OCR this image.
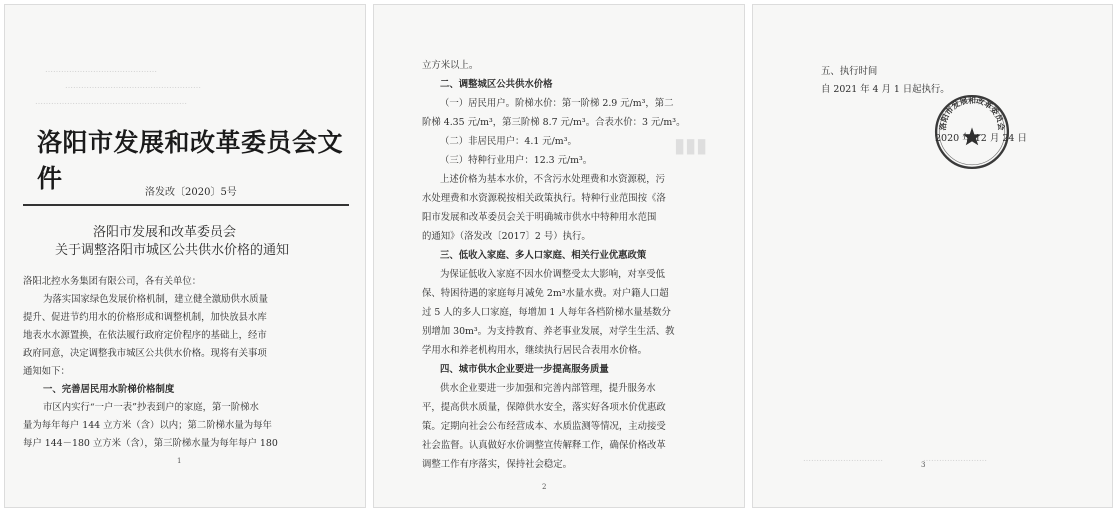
……………………………………
……………………………………………
…………………………………………………
洛阳市发展和改革委员会文件	洛发改〔2020〕5号
洛阳市发展和改革委员会
关于调整洛阳市城区公共供水价格的通知
洛阳北控水务集团有限公司，各有关单位：
为落实国家绿色发展价格机制，建立健全激励供水质量
提升、促进节约用水的价格形成和调整机制，加快放县水库
地表水水源置换，在依法履行政府定价程序的基础上，经市
政府同意，决定调整我市城区公共供水价格。现将有关事项
通知如下：
一、完善居民用水阶梯价格制度
市区内实行“一户一表”抄表到户的家庭，第一阶梯水
量为每年每户 144 立方米（含）以内；第二阶梯水量为每年
每户 144－180 立方米（含），第三阶梯水量为每年每户 180
1
▮▮▮
立方米以上。
二、调整城区公共供水价格
（一）居民用户。阶梯水价：第一阶梯 2.9 元/m³，第二
阶梯 4.35 元/m³，第三阶梯 8.7 元/m³。合表水价：3 元/m³。
（二）非居民用户：4.1 元/m³。
（三）特种行业用户：12.3 元/m³。
上述价格为基本水价，不含污水处理费和水资源税，污
水处理费和水资源税按相关政策执行。特种行业范围按《洛
阳市发展和改革委员会关于明确城市供水中特种用水范围
的通知》（洛发改〔2017〕2 号）执行。
三、低收入家庭、多人口家庭、相关行业优惠政策
为保证低收入家庭不因水价调整受太大影响，对享受低
保、特困待遇的家庭每月减免 2m³水量水费。对户籍人口超
过 5 人的多人口家庭，每增加 1 人每年各档阶梯水量基数分
别增加 30m³。为支持教育、养老事业发展，对学生生活、教
学用水和养老机构用水，继续执行居民合表用水价格。
四、城市供水企业要进一步提高服务质量
供水企业要进一步加强和完善内部管理，提升服务水
平，提高供水质量，保障供水安全，落实好各项水价优惠政
策。定期向社会公布经营成本、水质监测等情况，主动接受
社会监督。认真做好水价调整宣传解释工作，确保价格改革
调整工作有序落实，保持社会稳定。
2
…………………………　　　　　……………………
五、执行时间
自 2021 年 4 月 1 日起执行。
洛阳市发展和改革委员会
2020 年 12 月 24 日
3
